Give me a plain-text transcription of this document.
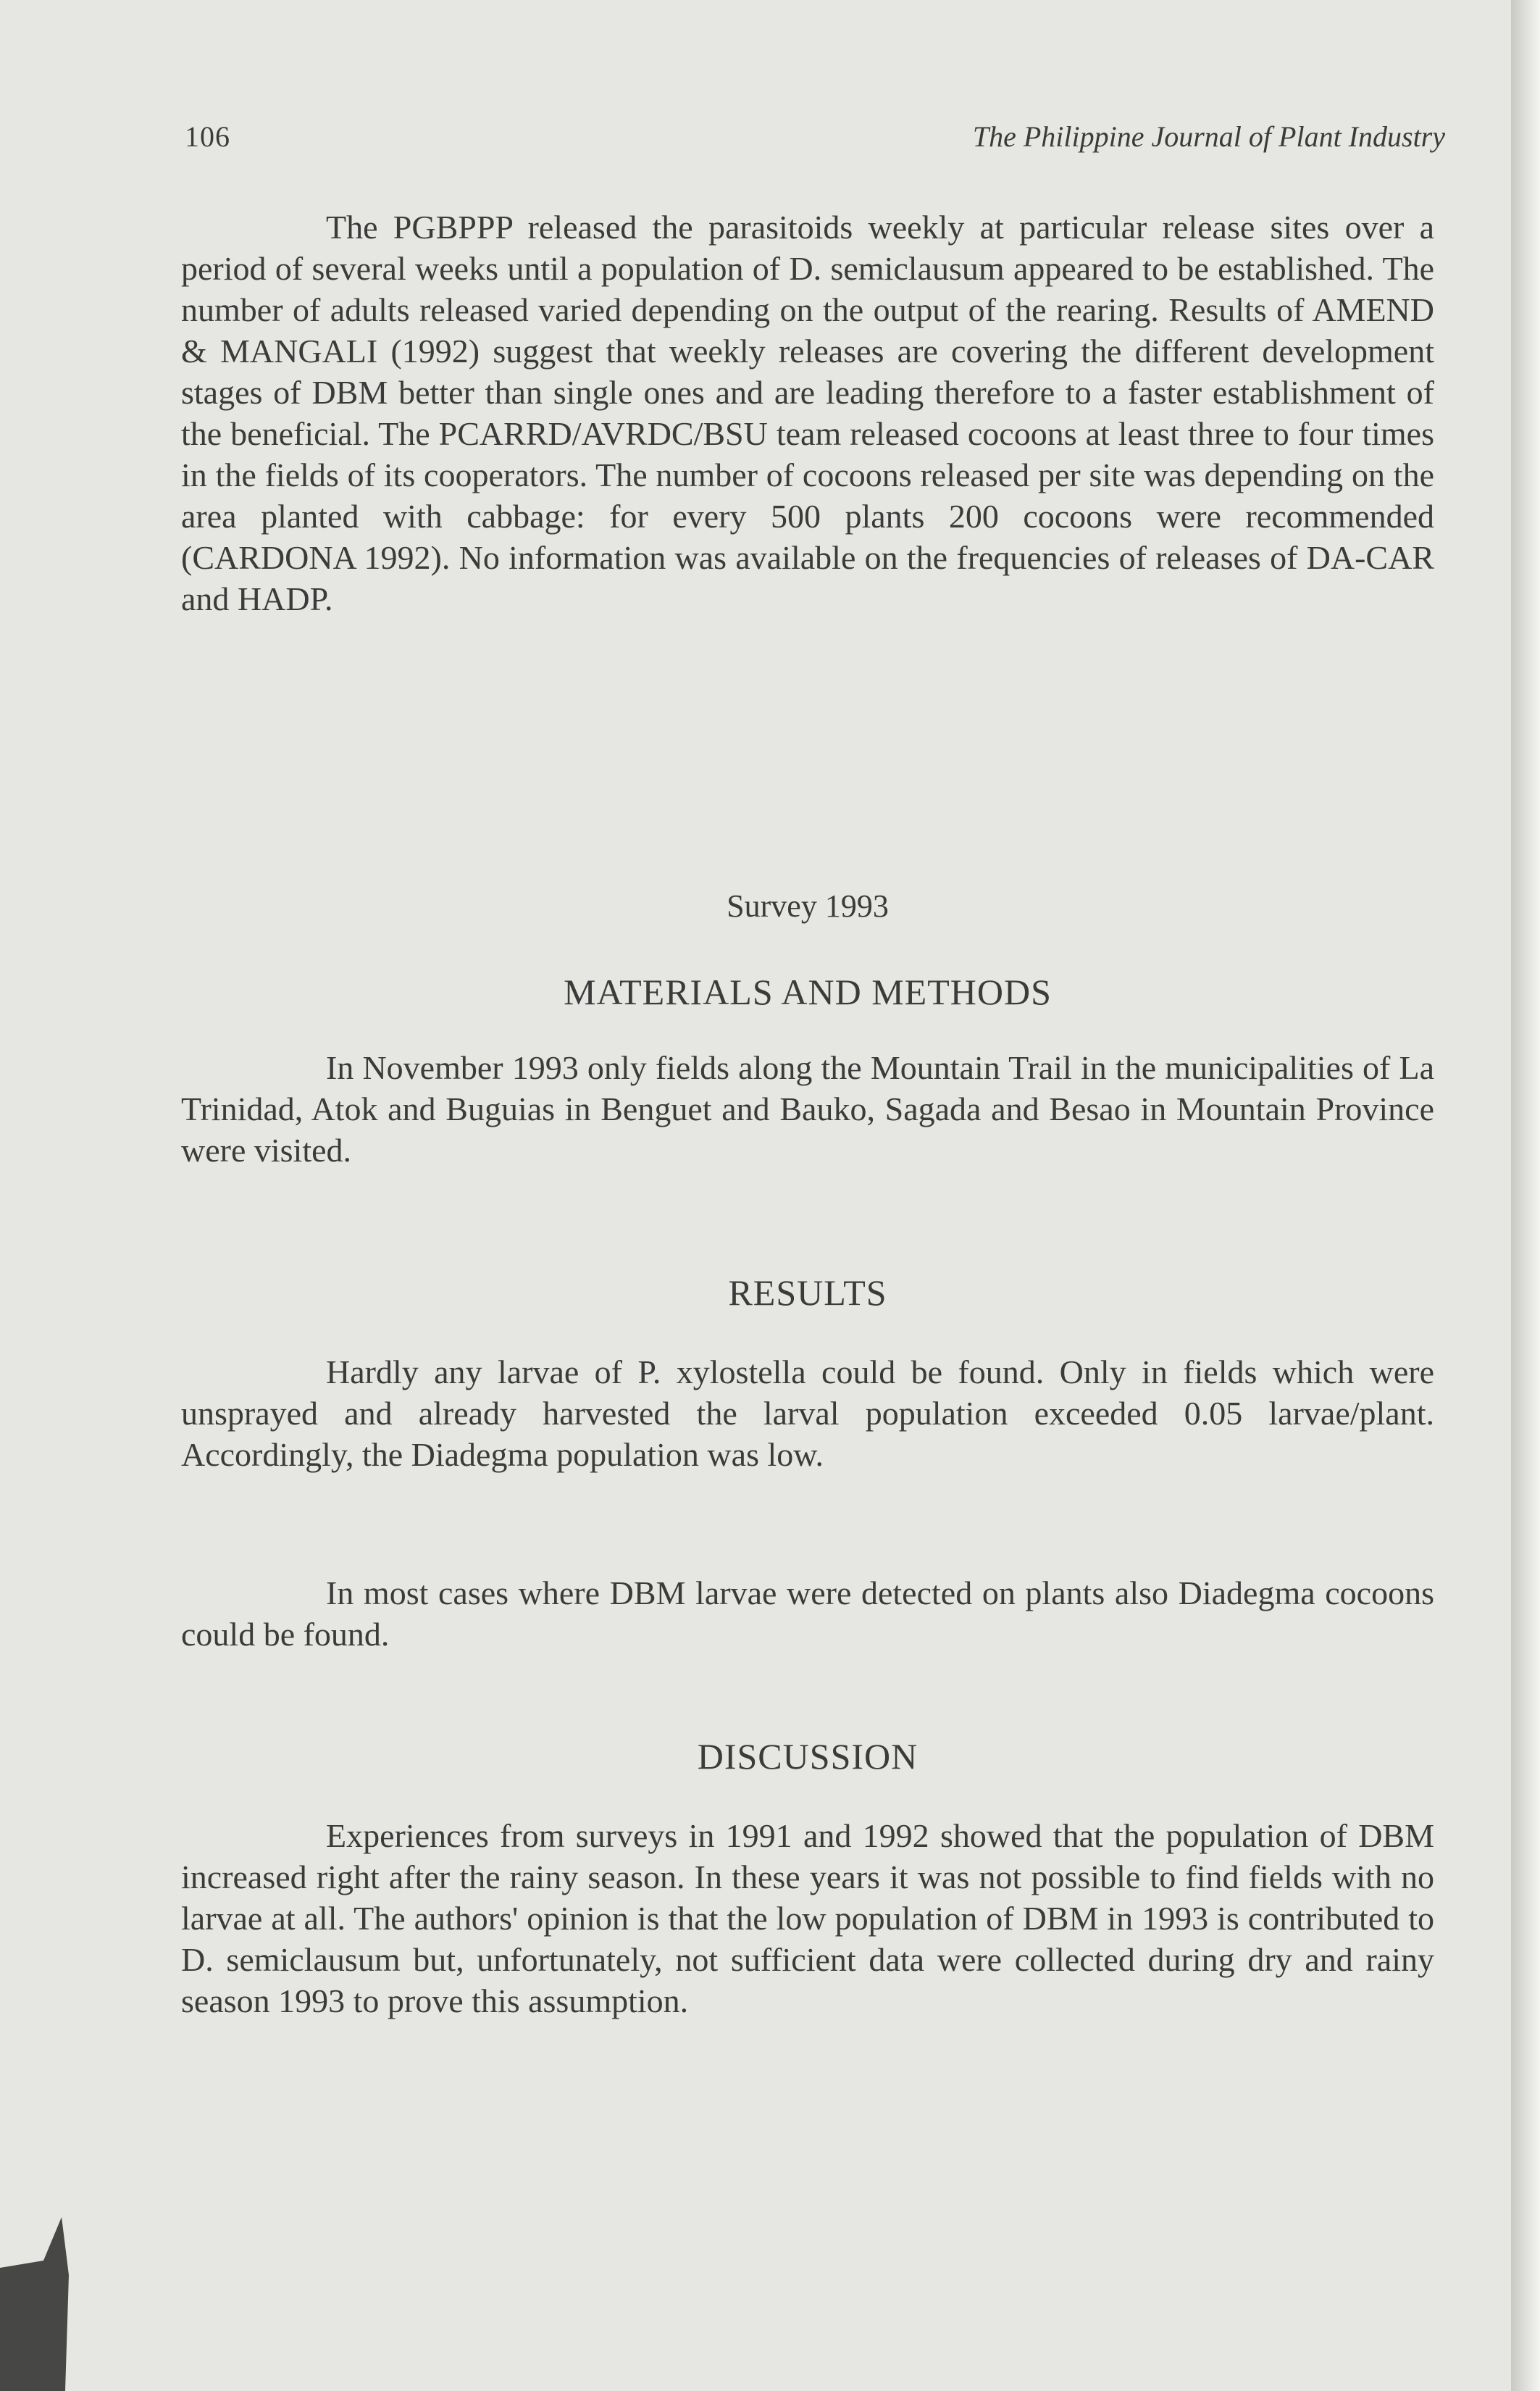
106	The Philippine Journal of Plant Industry

The PGBPPP released the parasitoids weekly at particular release sites over a period of several weeks until a population of D. semiclausum appeared to be established. The number of adults released varied depending on the output of the rearing. Results of AMEND & MANGALI (1992) suggest that weekly releases are covering the different development stages of DBM better than single ones and are leading therefore to a faster establishment of the beneficial. The PCARRD/AVRDC/BSU team released cocoons at least three to four times in the fields of its cooperators. The number of cocoons released per site was depending on the area planted with cabbage: for every 500 plants 200 cocoons were recommended (CARDONA 1992). No information was available on the frequencies of releases of DA-CAR and HADP.

Survey 1993
MATERIALS AND METHODS

In November 1993 only fields along the Mountain Trail in the municipalities of La Trinidad, Atok and Buguias in Benguet and Bauko, Sagada and Besao in Mountain Province were visited.

RESULTS

Hardly any larvae of P. xylostella could be found. Only in fields which were unsprayed and already harvested the larval population exceeded 0.05 larvae/plant. Accordingly, the Diadegma population was low.

In most cases where DBM larvae were detected on plants also Diadegma cocoons could be found.

DISCUSSION

Experiences from surveys in 1991 and 1992 showed that the population of DBM increased right after the rainy season. In these years it was not possible to find fields with no larvae at all. The authors' opinion is that the low population of DBM in 1993 is contributed to D. semiclausum but, unfortunately, not sufficient data were collected during dry and rainy season 1993 to prove this assumption.
